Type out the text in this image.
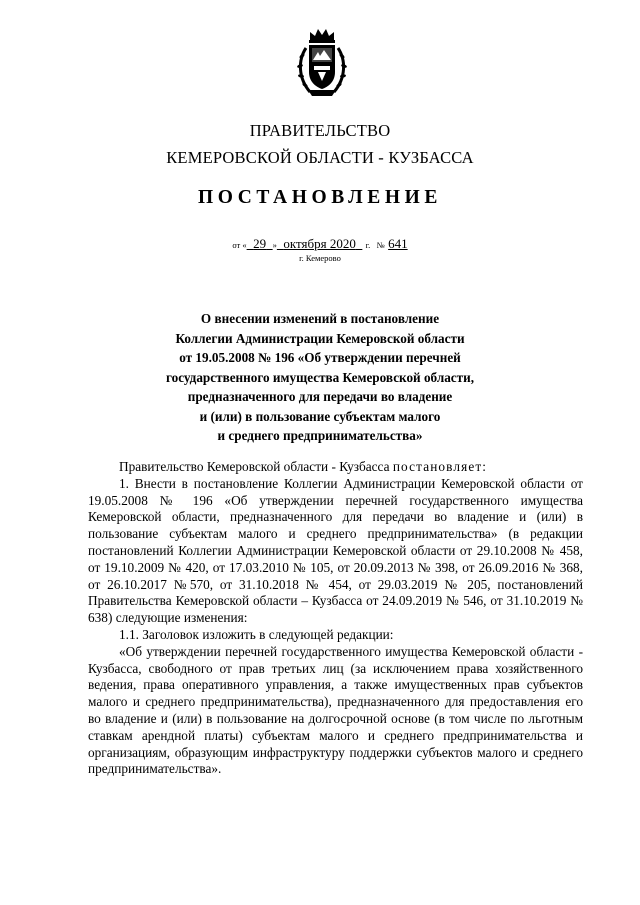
ПРАВИТЕЛЬСТВО
КЕМЕРОВСКОЙ ОБЛАСТИ - КУЗБАССА
ПОСТАНОВЛЕНИЕ
от « 29 » октября 2020 г. № 641
г. Кемерово
О внесении изменений в постановление
Коллегии Администрации Кемеровской области
от 19.05.2008 № 196 «Об утверждении перечней
государственного имущества Кемеровской области,
предназначенного для передачи во владение
и (или) в пользование субъектам малого
и среднего предпринимательства»

Правительство Кемеровской области - Кузбасса постановляет:

1. Внести в постановление Коллегии Администрации Кемеровской области от 19.05.2008 № 196 «Об утверждении перечней государственного имущества Кемеровской области, предназначенного для передачи во владение и (или) в пользование субъектам малого и среднего предпринимательства» (в редакции постановлений Коллегии Администрации Кемеровской области от 29.10.2008 № 458, от 19.10.2009 № 420, от 17.03.2010 № 105, от 20.09.2013 № 398, от 26.09.2016 № 368, от 26.10.2017 №570, от 31.10.2018 № 454, от 29.03.2019 № 205, постановлений Правительства Кемеровской области – Кузбасса от 24.09.2019 № 546, от 31.10.2019 № 638) следующие изменения:

1.1. Заголовок изложить в следующей редакции:

«Об утверждении перечней государственного имущества Кемеровской области - Кузбасса, свободного от прав третьих лиц (за исключением права хозяйственного ведения, права оперативного управления, а также имущественных прав субъектов малого и среднего предпринимательства), предназначенного для предоставления его во владение и (или) в пользование на долгосрочной основе (в том числе по льготным ставкам арендной платы) субъектам малого и среднего предпринимательства и организациям, образующим инфраструктуру поддержки субъектов малого и среднего предпринимательства».
